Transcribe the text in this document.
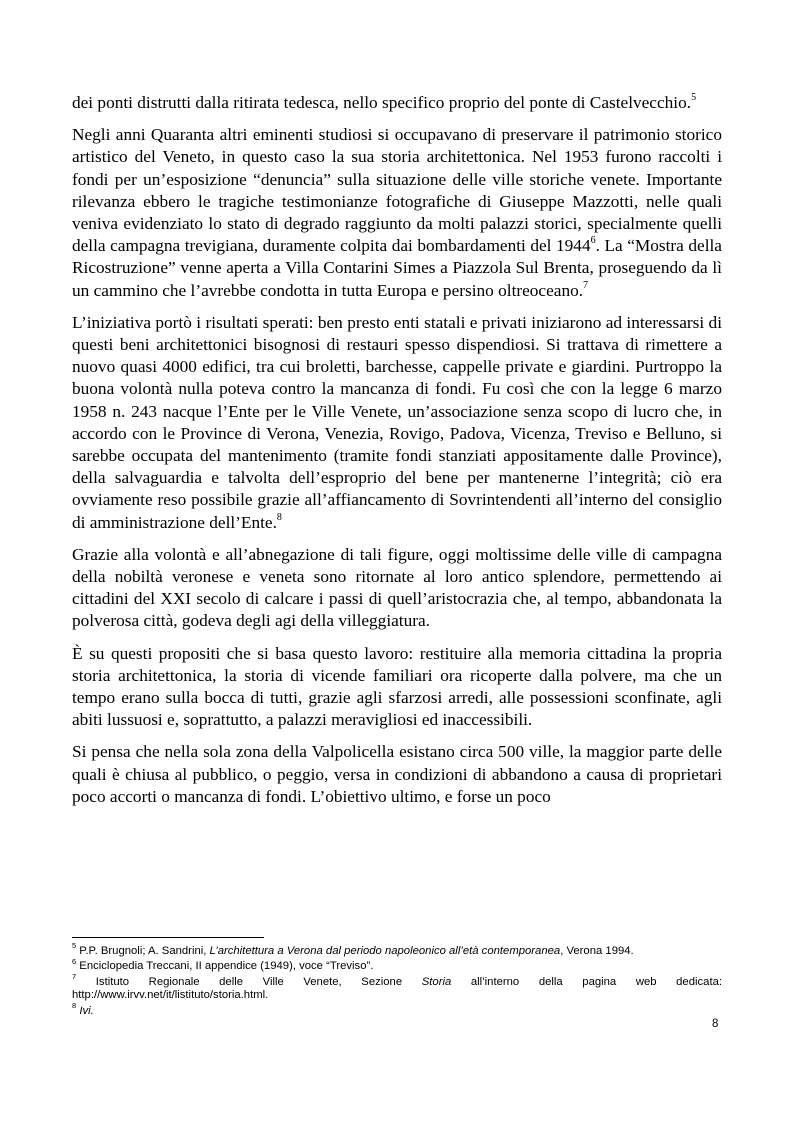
dei ponti distrutti dalla ritirata tedesca, nello specifico proprio del ponte di Castelvecchio.$^5$

Negli anni Quaranta altri eminenti studiosi si occupavano di preservare il patrimonio storico artistico del Veneto, in questo caso la sua storia architettonica. Nel 1953 furono raccolti i fondi per un’esposizione “denuncia” sulla situazione delle ville storiche venete. Importante rilevanza ebbero le tragiche testimonianze fotografiche di Giuseppe Mazzotti, nelle quali veniva evidenziato lo stato di degrado raggiunto da molti palazzi storici, specialmente quelli della campagna trevigiana, duramente colpita dai bombardamenti del 1944$^6$. La “Mostra della Ricostruzione” venne aperta a Villa Contarini Simes a Piazzola Sul Brenta, proseguendo da lì un cammino che l’avrebbe condotta in tutta Europa e persino oltreoceano.$^7$

L’iniziativa portò i risultati sperati: ben presto enti statali e privati iniziarono ad interessarsi di questi beni architettonici bisognosi di restauri spesso dispendiosi. Si trattava di rimettere a nuovo quasi 4000 edifici, tra cui broletti, barchesse, cappelle private e giardini. Purtroppo la buona volontà nulla poteva contro la mancanza di fondi. Fu così che con la legge 6 marzo 1958 n. 243 nacque l’Ente per le Ville Venete, un’associazione senza scopo di lucro che, in accordo con le Province di Verona, Venezia, Rovigo, Padova, Vicenza, Treviso e Belluno, si sarebbe occupata del mantenimento (tramite fondi stanziati appositamente dalle Province), della salvaguardia e talvolta dell’esproprio del bene per mantenerne l’integrità; ciò era ovviamente reso possibile grazie all’affiancamento di Sovrintendenti all’interno del consiglio di amministrazione dell’Ente.$^8$

Grazie alla volontà e all’abnegazione di tali figure, oggi moltissime delle ville di campagna della nobiltà veronese e veneta sono ritornate al loro antico splendore, permettendo ai cittadini del XXI secolo di calcare i passi di quell’aristocrazia che, al tempo, abbandonata la polverosa città, godeva degli agi della villeggiatura.

È su questi propositi che si basa questo lavoro: restituire alla memoria cittadina la propria storia architettonica, la storia di vicende familiari ora ricoperte dalla polvere, ma che un tempo erano sulla bocca di tutti, grazie agli sfarzosi arredi, alle possessioni sconfinate, agli abiti lussuosi e, soprattutto, a palazzi meravigliosi ed inaccessibili.

Si pensa che nella sola zona della Valpolicella esistano circa 500 ville, la maggior parte delle quali è chiusa al pubblico, o peggio, versa in condizioni di abbandono a causa di proprietari poco accorti o mancanza di fondi. L’obiettivo ultimo, e forse un poco

$^5$ P.P. Brugnoli; A. Sandrini, L’architettura a Verona dal periodo napoleonico all’età contemporanea, Verona 1994.

$^6$ Enciclopedia Treccani, II appendice (1949), voce “Treviso”.

$^7$ Istituto Regionale delle Ville Venete, Sezione Storia all’interno della pagina web dedicata: http://www.irvv.net/it/listituto/storia.html.

$^8$ Ivi.

8
